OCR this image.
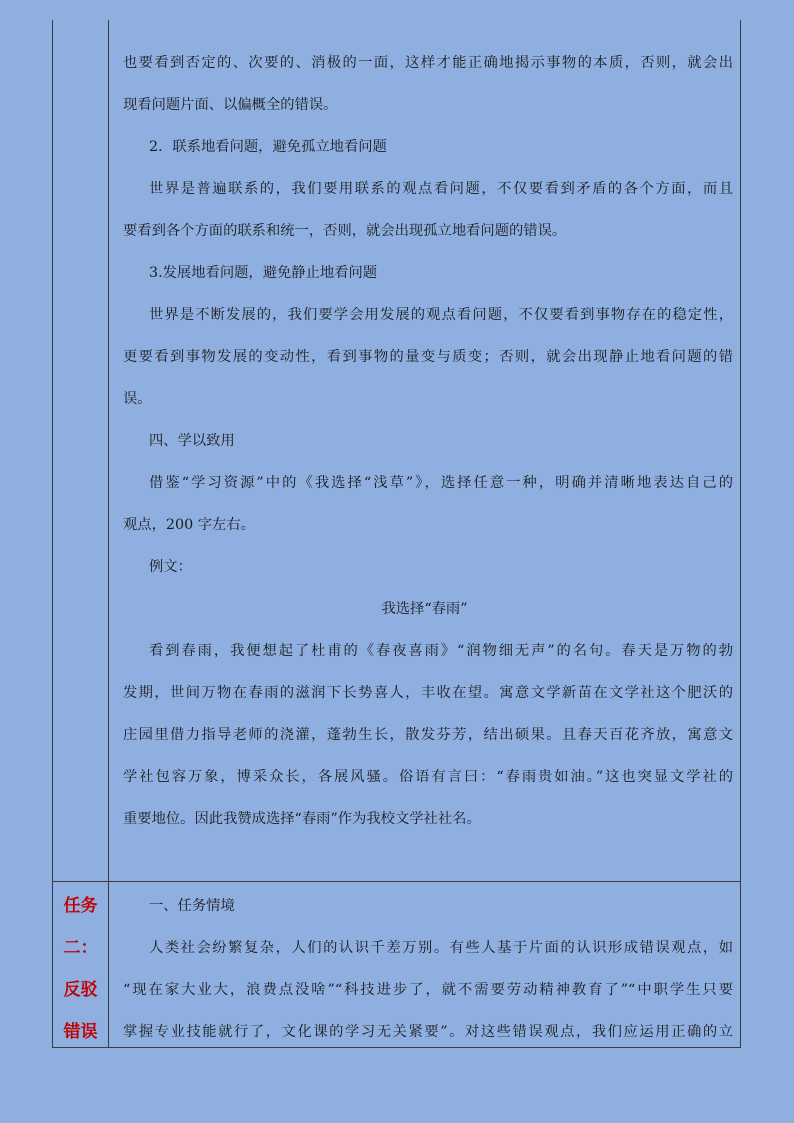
也要看到否定的、次要的、消极的一面，这样才能正确地揭示事物的本质，否则，就会出
现看问题片面、以偏概全的错误。
2．联系地看问题，避免孤立地看问题
世界是普遍联系的，我们要用联系的观点看问题，不仅要看到矛盾的各个方面，而且
要看到各个方面的联系和统一，否则，就会出现孤立地看问题的错误。
3.发展地看问题，避免静止地看问题
世界是不断发展的，我们要学会用发展的观点看问题，不仅要看到事物存在的稳定性，
更要看到事物发展的变动性，看到事物的量变与质变；否则，就会出现静止地看问题的错
误。
四、学以致用
借鉴“学习资源”中的《我选择“浅草”》，选择任意一种，明确并清晰地表达自己的
观点，200 字左右。
例文：
我选择“春雨”
看到春雨，我便想起了杜甫的《春夜喜雨》“润物细无声”的名句。春天是万物的勃
发期，世间万物在春雨的滋润下长势喜人，丰收在望。寓意文学新苗在文学社这个肥沃的
庄园里借力指导老师的浇灌，蓬勃生长，散发芬芳，结出硕果。且春天百花齐放，寓意文
学社包容万象，博采众长，各展风骚。俗语有言曰：“春雨贵如油。”这也突显文学社的
重要地位。因此我赞成选择“春雨”作为我校文学社社名。
任务
二：
反驳
错误
一、任务情境
人类社会纷繁复杂，人们的认识千差万别。有些人基于片面的认识形成错误观点，如
“现在家大业大，浪费点没啥”“科技进步了，就不需要劳动精神教育了”“中职学生只要
掌握专业技能就行了，文化课的学习无关紧要”。对这些错误观点，我们应运用正确的立
